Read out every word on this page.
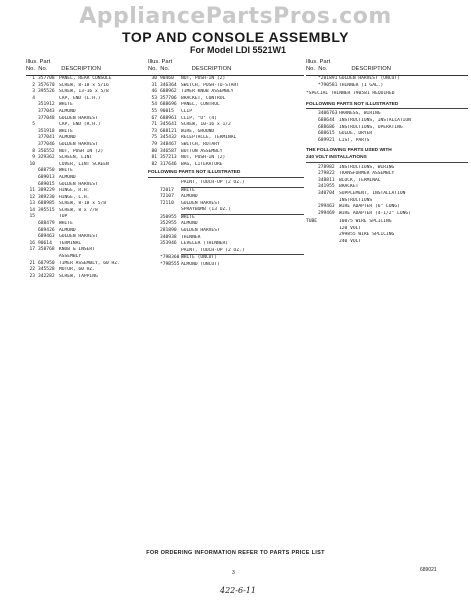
AppliancePartsPros.com
TOP AND CONSOLE ASSEMBLY
For Model LDI 5521W1
Illus. Part
No. No.	DESCRIPTION
1 357708 PANEL, REAR CONSOLE
2 357670 SCREW, 8-18 x 5/16
3 395526 SCREW, 13-16 x 5/8
4	CAP, END (L.H.)
351912 WHITE
377043 ALMOND
377048 GOLDEN HARVEST
5	CAP, END (R.H.)
351918 WHITE
377041 ALMOND
377046 GOLDEN HARVEST
8 356552 NUT, PUSH IN (2)
9 329362 SCREEN, LINT
10	COVER, LINT SCREEN
688750 WHITE
689013 ALMOND
689015 GOLDEN HARVEST
11 389229 HINGE, R.H.
12 389230 HINGE, L.H.
13 688985 SCREW, 8-18 x 5/8
14 395515 SCREW, 8 x 7/8
15	TOP
688479 WHITE
689426 ALMOND
689463 GOLDEN HARVEST
16 90614	TERMINAL
17 358768 KNOB & INSERT
ASSEMBLY
21 687950 TIMER ASSEMBLY, 60 HZ.
22 345528 MOTOR, 60 HZ.
23 342282 SCREW, TAPPING
Illus. Part
No. No.	DESCRIPTION
30 90460	NUT, PUSH-IN (2)
31 346364 SWITCH, PUSH-TO-START
46 688962 TIMER KNOB ASSEMBLY
53 357706 BRACKET, CONTROL
54 688696 PANEL, CONTROL
55 90015	CLIP
67 688961 CLIP, "U" (4)
71 345641 SCREW, 10-16 x 1/2
73 688121 WIRE, GROUND
75 345432 RECEPTACLE, TERMINAL
79 348467 SWITCH, ROTARY
80 346587 BUTTON ASSEMBLY
81 357213 NUT, PUSH-IN (2)
82 317646 BAG, LITERATURE
FOLLOWING PARTS NOT ILLUSTRATED
PAINT, TOUCH-UP (2 OZ.)
72017	WHITE
72107	ALMOND
72110	GOLDEN HARVEST
SPRAYBOMB (13 OZ.)
350955 WHITE
352955 ALMOND
281890 GOLDEN HARVEST
340938 THINNER
353946 LEVELER (THINNER)
PAINT, TOUCH-UP (2 OZ.)
*79B360 WHITE (UNCUT)
*79B555 ALMOND (UNCUT)
Illus. Part
No. No.	DESCRIPTION
*281891 GOLDEN HARVEST (UNCUT)
*790581 THINNER (1 GAL.)
*SPECIAL THINNER 790581 REQUIRED
FOLLOWING PARTS NOT ILLUSTRATED
3406763 HARNESS, WIRING
688644 INSTRUCTIONS, INSTALLATION
688686 INSTRUCTIONS, OPERATING
688615 GUIDE, DRYER
689921 LIST, PARTS
THE FOLLOWING PARTS USED WITH
240 VOLT INSTALLATIONS
278982 INSTRUCTIONS, WIRING
279822 TRANSFORMER ASSEMBLY
348811 BLOCK, TERMINAL
341955 BRACKET
340704 SUPPLEMENT, INSTALLATION
INSTRUCTIONS
299463 WIRE ADAPTER (6" LONG)
299469 WIRE ADAPTER (4-1/2" LONG)
TUBE	10875 WIRE SPLICING
120 VOLT
299855 WIRE SPLICING
240 VOLT
FOR ORDERING INFORMATION REFER TO PARTS PRICE LIST
3	689021
422-6-11
